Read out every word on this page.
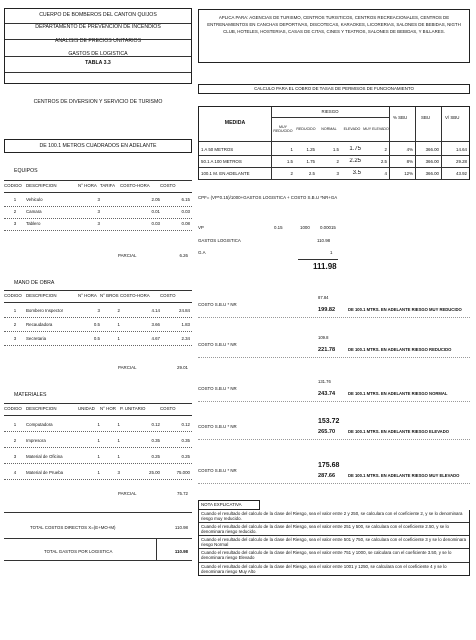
CUERPO DE BOMBEROS DEL CANTON QUIJOS
DEPARTAMENTO DE PREVENCION DE INCENDIOS
ANALISIS DE PRECIOS UNITARIOS
GASTOS DE LOGISTICA
TABLA 3.3
CENTROS DE DIVERSION Y SERVICIO DE TURISMO
DE 100.1 METROS CUADRADOS EN ADELANTE
EQUIPOS
CODIGO DESCRIPCION	N° HORA TARIFA	COSTO-HORA	COSTO
1	Vehiculo	3	2.05	6.15
2	Camara	3	0.01	0.03
3	Tablero	3	0.03	0.08
PARCIAL	6.26
MANO DE OBRA
CODIGO DESCRIPCION	N° HORA N° BROS COSTO-HORA	COSTO
1	Bombero Inspector	3	2	4.14	24.84
2	Recaudadora	0.5	1	3.66	1.83
3	Secretaria	0.5	1	4.67	2.34
PARCIAL	29.01
MATERIALES
CODIGO DESCRIPCION	UNIDAD	N° HOR P. UNITARIO	COSTO
1	Computadora	1	1	0.12	0.12
2	Impresora	1	1	0.35	0.35
3	Material de Oficina	1	1	0.25	0.25
4	Material de Prueba	1	3	25.00	75.000
PARCIAL	75.72
TOTAL COSTOS DIRECTOS X=(E+MO+M)	110.98
TOTAL GASTOS POR LOGISTICA	110.98
APLICA PARA: AGENCIAS DE TURISMO, CENTROS TURISTICOS, CENTROS RECREACIONALES, CENTROS DE ENTRENAMIENTOS EN CANCHAS DEPORTIVAS, DISCOTECAS, KARAOKES, LICORERIAS, SALONES DE BEBIDAS, NIGTH CLUB, HOTELES, HOSTERIAS, CASAS DE CITAS, CINES Y TEATROS, SALONES DE BEBIDAS, Y BILLARES.
CALCULO PARA EL COBRO DE TASAS DE PERMISOS DE FUNCIONAMIENTO
MEDIDA
RIESGO
% SBU	SBU	V/ SBU
MUY REDUCIDO	REDUCIDO	NORMAL	ELEVADO MUY ELEVADO
1 A 50 METROS	1	1.25	1.5	1.75	2	4%	366.00	14.64
50.1 A 100 METROS	1.5	1.75	2	2.25	2.5	8%	366.00	29.28
100.1 M. EN ADELANTE	2	2.5	3	3.5	4	12%	366.00	43.92
CPF= (VP*0.15)/1000+GASTOS LOGISTICA + COSTO S.B.U *NR+GA
VP	0.15	1000 0.00015
GASTOS LOGISTICA	110.98
G.A	1
111.98
COSTO S.B.U * NR
87.84
199.82	DE 100.1 MTRS. EN ADELANTE RIESGO MUY REDUCIDO
COSTO S.B.U * NR
109.8
221.78	DE 100.1 MTRS. EN ADELANTE RIESGO REDUCIDO
COSTO S.B.U * NR
131.76
243.74	DE 100.1 MTRS. EN ADELANTE RIESGO NORMAL
COSTO S.B.U * NR
153.72
265.70	DE 100.1 MTRS. EN ADELANTE RIESGO ELEVADO
COSTO S.B.U * NR
175.68
287.66	DE 100.1 MTRS. EN ADELANTE RIESGO MUY ELEVADO
NOTA EXPLICATIVA
Cuando el resultado del calculo de la clase del Riesgo, sea el valor entre 2 y 250, se calculara con el coeficiente 2, y se lo denominara riesgo muy reducido.
Cuando el resultado del calculo de la clase del Riesgo, sea el valor entre 251 y 500, se calculara con el coeficiente 2.50, y se lo denominara riesgo reducido.
Cuando el resultado del calculo de la clase del Riesgo, sea el valor entre 501 y 750, se calculara con el coeficiente 3 y se lo denominara riesgo Normal
Cuando el resultado del calculo de la clase del Riesgo, sea el valor entre 751 y 1000, se calculara con el coeficiente 3.50, y se lo denominara riesgo Elevado
Cuando el resultado del calculo de la clase del Riesgo, sea el valor entre 1001 y 1250, se calculara con el coeficiente 4 y se lo denominara riesgo Muy Alto
